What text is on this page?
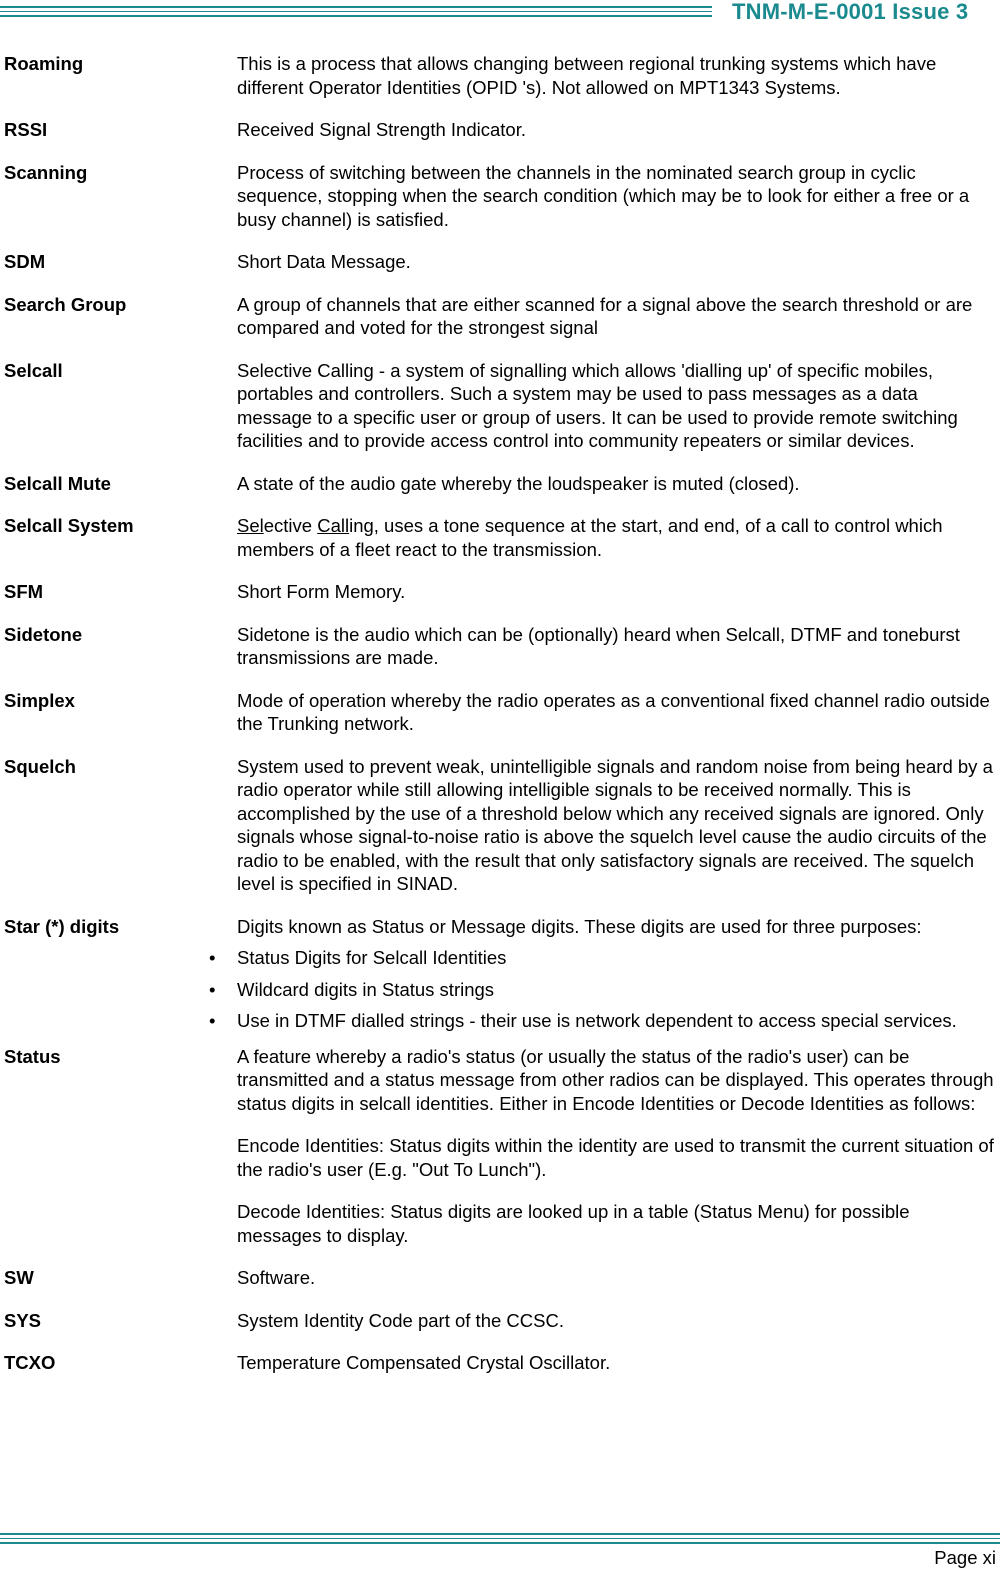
TNM-M-E-0001 Issue 3
Roaming	This is a process that allows changing between regional trunking systems which have different Operator Identities (OPID 's). Not allowed on MPT1343 Systems.
RSSI	Received Signal Strength Indicator.
Scanning	Process of switching between the channels in the nominated search group in cyclic sequence, stopping when the search condition (which may be to look for either a free or a busy channel) is satisfied.
SDM	Short Data Message.
Search Group	A group of channels that are either scanned for a signal above the search threshold or are compared and voted for the strongest signal
Selcall	Selective Calling - a system of signalling which allows 'dialling up' of specific mobiles, portables and controllers. Such a system may be used to pass messages as a data message to a specific user or group of users. It can be used to provide remote switching facilities and to provide access control into community repeaters or similar devices.
Selcall Mute	A state of the audio gate whereby the loudspeaker is muted (closed).
Selcall System	Selective Calling, uses a tone sequence at the start, and end, of a call to control which members of a fleet react to the transmission.
SFM	Short Form Memory.
Sidetone	Sidetone is the audio which can be (optionally) heard when Selcall, DTMF and toneburst transmissions are made.
Simplex	Mode of operation whereby the radio operates as a conventional fixed channel radio outside the Trunking network.
Squelch	System used to prevent weak, unintelligible signals and random noise from being heard by a radio operator while still allowing intelligible signals to be received normally. This is accomplished by the use of a threshold below which any received signals are ignored. Only signals whose signal-to-noise ratio is above the squelch level cause the audio circuits of the radio to be enabled, with the result that only satisfactory signals are received. The squelch level is specified in SINAD.
Star (*) digits	Digits known as Status or Message digits. These digits are used for three purposes:

• Status Digits for Selcall Identities
• Wildcard digits in Status strings
• Use in DTMF dialled strings - their use is network dependent to access special services.
Status	A feature whereby a radio's status (or usually the status of the radio's user) can be transmitted and a status message from other radios can be displayed. This operates through status digits in selcall identities. Either in Encode Identities or Decode Identities as follows:

Encode Identities: Status digits within the identity are used to transmit the current situation of the radio's user (E.g. "Out To Lunch").

Decode Identities: Status digits are looked up in a table (Status Menu) for possible messages to display.

SW	Software.
SYS	System Identity Code part of the CCSC.
TCXO	Temperature Compensated Crystal Oscillator.
Page xi
